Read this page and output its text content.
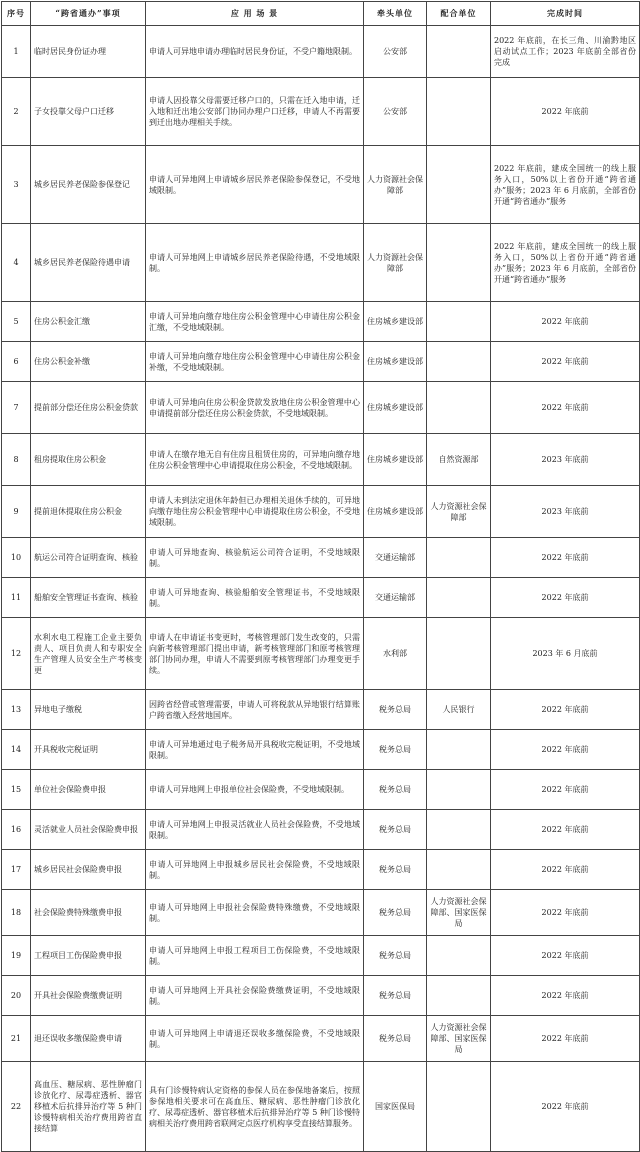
序号	“跨省通办”事项	应 用 场 景	牵头单位	配合单位	完成时间
1	临时居民身份证办理	申请人可异地申请办理临时居民身份证，不受户籍地限制。	公安部		2022 年底前，在长三角、川渝黔地区启动试点工作；2023 年底前全部省份完成
2	子女投靠父母户口迁移	申请人因投靠父母需要迁移户口的，只需在迁入地申请，迁入地和迁出地公安部门协同办理户口迁移，申请人不再需要到迁出地办理相关手续。	公安部		2022 年底前
3	城乡居民养老保险参保登记	申请人可异地网上申请城乡居民养老保险参保登记，不受地域限制。	人力资源社会保障部		2022 年底前，建成全国统一的线上服务入口，50%以上省份开通“跨省通办”服务；2023 年 6 月底前，全部省份开通“跨省通办”服务
4	城乡居民养老保险待遇申请	申请人可异地网上申请城乡居民养老保险待遇，不受地域限制。	人力资源社会保障部		2022 年底前，建成全国统一的线上服务入口，50%以上省份开通“跨省通办”服务；2023 年 6 月底前，全部省份开通“跨省通办”服务
5	住房公积金汇缴	申请人可异地向缴存地住房公积金管理中心申请住房公积金汇缴，不受地域限制。	住房城乡建设部		2022 年底前
6	住房公积金补缴	申请人可异地向缴存地住房公积金管理中心申请住房公积金补缴，不受地域限制。	住房城乡建设部		2022 年底前
7	提前部分偿还住房公积金贷款	申请人可异地向住房公积金贷款发放地住房公积金管理中心申请提前部分偿还住房公积金贷款，不受地域限制。	住房城乡建设部		2022 年底前
8	租房提取住房公积金	申请人在缴存地无自有住房且租赁住房的，可异地向缴存地住房公积金管理中心申请提取住房公积金，不受地域限制。	住房城乡建设部	自然资源部	2023 年底前
9	提前退休提取住房公积金	申请人未到法定退休年龄但已办理相关退休手续的，可异地向缴存地住房公积金管理中心申请提取住房公积金，不受地域限制。	住房城乡建设部	人力资源社会保障部	2023 年底前
10	航运公司符合证明查询、核验	申请人可异地查询、核验航运公司符合证明，不受地域限制。	交通运输部		2022 年底前
11	船舶安全管理证书查询、核验	申请人可异地查询、核验船舶安全管理证书，不受地域限制。	交通运输部		2022 年底前
12	水利水电工程施工企业主要负责人、项目负责人和专职安全生产管理人员安全生产考核变更	申请人在申请证书变更时，考核管理部门发生改变的，只需向新考核管理部门提出申请，新考核管理部门和原考核管理部门协同办理，申请人不需要到原考核管理部门办理变更手续。	水利部		2023 年 6 月底前
13	异地电子缴税	因跨省经营或管理需要，申请人可将税款从异地银行结算账户跨省缴入经营地国库。	税务总局	人民银行	2022 年底前
14	开具税收完税证明	申请人可异地通过电子税务局开具税收完税证明，不受地域限制。	税务总局		2022 年底前
15	单位社会保险费申报	申请人可异地网上申报单位社会保险费，不受地域限制。	税务总局		2022 年底前
16	灵活就业人员社会保险费申报	申请人可异地网上申报灵活就业人员社会保险费，不受地域限制。	税务总局		2022 年底前
17	城乡居民社会保险费申报	申请人可异地网上申报城乡居民社会保险费，不受地域限制。	税务总局		2022 年底前
18	社会保险费特殊缴费申报	申请人可异地网上申报社会保险费特殊缴费，不受地域限制。	税务总局	人力资源社会保障部、国家医保局	2022 年底前
19	工程项目工伤保险费申报	申请人可异地网上申报工程项目工伤保险费，不受地域限制。	税务总局		2022 年底前
20	开具社会保险费缴费证明	申请人可异地网上开具社会保险费缴费证明，不受地域限制。	税务总局		2022 年底前
21	退还误收多缴保险费申请	申请人可异地网上申请退还误收多缴保险费，不受地域限制。	税务总局	人力资源社会保障部、国家医保局	2022 年底前
22	高血压、糖尿病、恶性肿瘤门诊放化疗、尿毒症透析、器官移植术后抗排异治疗等 5 种门诊慢特病相关治疗费用跨省直接结算	具有门诊慢特病认定资格的参保人员在参保地备案后，按照参保地相关要求可在高血压、糖尿病、恶性肿瘤门诊放化疗、尿毒症透析、器官移植术后抗排异治疗等 5 种门诊慢特病相关治疗费用跨省联网定点医疗机构享受直接结算服务。	国家医保局		2022 年底前
